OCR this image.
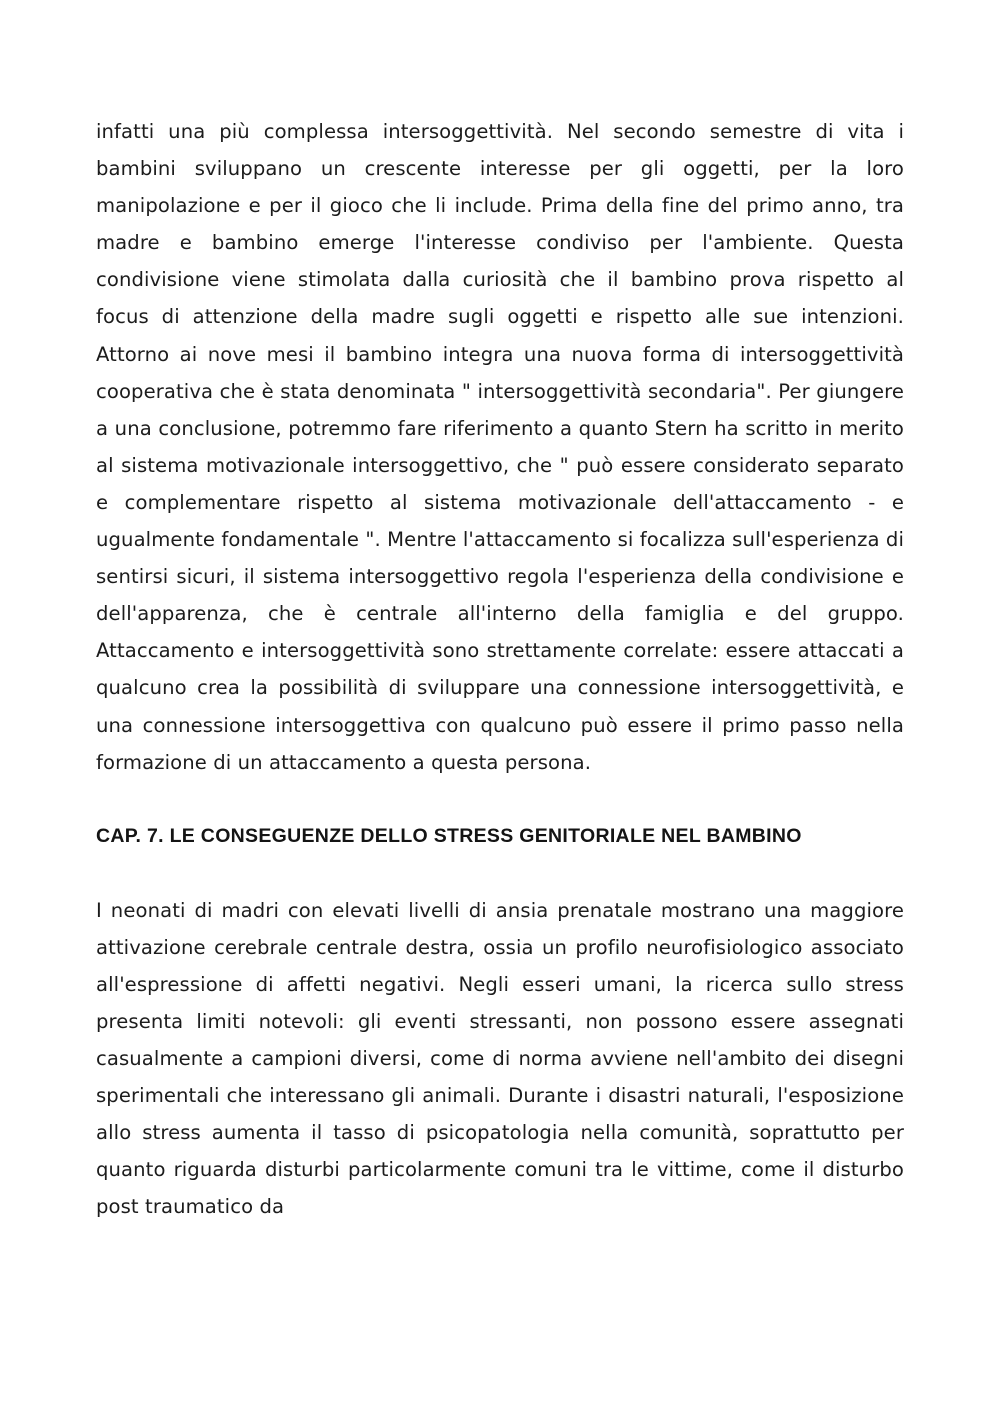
infatti una più complessa intersoggettività. Nel secondo semestre di vita i bambini sviluppano un crescente interesse per gli oggetti, per la loro manipolazione e per il gioco che li include. Prima della fine del primo anno, tra madre e bambino emerge l'interesse condiviso per l'ambiente. Questa condivisione viene stimolata dalla curiosità che il bambino prova rispetto al focus di attenzione della madre sugli oggetti e rispetto alle sue intenzioni. Attorno ai nove mesi il bambino integra una nuova forma di intersoggettività cooperativa che è stata denominata " intersoggettività secondaria". Per giungere a una conclusione, potremmo fare riferimento a quanto Stern ha scritto in merito al sistema motivazionale intersoggettivo, che " può essere considerato separato e complementare rispetto al sistema motivazionale dell'attaccamento - e ugualmente fondamentale ". Mentre l'attaccamento si focalizza sull'esperienza di sentirsi sicuri, il sistema intersoggettivo regola l'esperienza della condivisione e dell'apparenza, che è centrale all'interno della famiglia e del gruppo. Attaccamento e intersoggettività sono strettamente correlate: essere attaccati a qualcuno crea la possibilità di sviluppare una connessione intersoggettività, e una connessione intersoggettiva con qualcuno può essere il primo passo nella formazione di un attaccamento a questa persona.

CAP. 7. LE CONSEGUENZE DELLO STRESS GENITORIALE NEL BAMBINO

I neonati di madri con elevati livelli di ansia prenatale mostrano una maggiore attivazione cerebrale centrale destra, ossia un profilo neurofisiologico associato all'espressione di affetti negativi. Negli esseri umani, la ricerca sullo stress presenta limiti notevoli: gli eventi stressanti, non possono essere assegnati casualmente a campioni diversi, come di norma avviene nell'ambito dei disegni sperimentali che interessano gli animali. Durante i disastri naturali, l'esposizione allo stress aumenta il tasso di psicopatologia nella comunità, soprattutto per quanto riguarda disturbi particolarmente comuni tra le vittime, come il disturbo post traumatico da
